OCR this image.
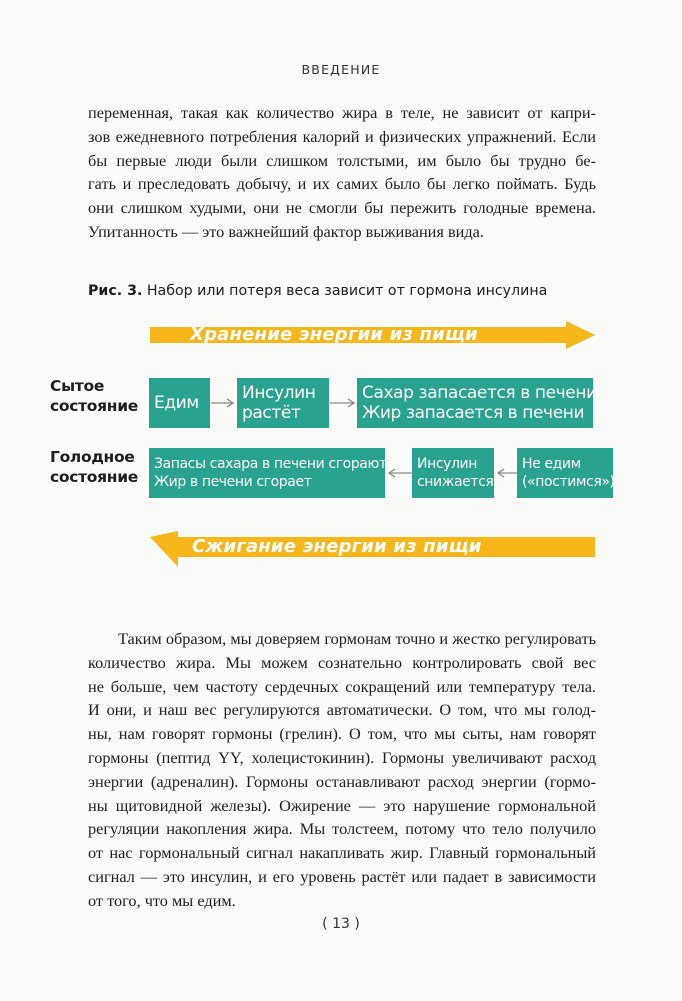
ВВЕДЕНИЕ
переменная, такая как количество жира в теле, не зависит от капри-
зов ежедневного потребления калорий и физических упражнений. Если
бы первые люди были слишком толстыми, им было бы трудно бе-
гать и преследовать добычу, и их самих было бы легко поймать. Будь
они слишком худыми, они не смогли бы пережить голодные времена.
Упитанность — это важнейший фактор выживания вида.
Рис. 3. Набор или потеря веса зависит от гормона инсулина
Хранение энергии из пищи
Сытое
состояние Едим	Инсулин
растёт
Сахар запасается в печени
Жир запасается в печени
Голодное
состояние
Запасы сахара в печени сгорают.
Жир в печени сгорает
Инсулин
снижается
Не едим
(«постимся»)
Сжигание энергии из пищи
Таким образом, мы доверяем гормонам точно и жестко регулировать
количество жира. Мы можем сознательно контролировать свой вес
не больше, чем частоту сердечных сокращений или температуру тела.
И они, и наш вес регулируются автоматически. О том, что мы голод-
ны, нам говорят гормоны (грелин). О том, что мы сыты, нам говорят
гормоны (пептид YY, холецистокинин). Гормоны увеличивают расход
энергии (адреналин). Гормоны останавливают расход энергии (гормо-
ны щитовидной железы). Ожирение — это нарушение гормональной
регуляции накопления жира. Мы толстеем, потому что тело получило
от нас гормональный сигнал накапливать жир. Главный гормональный
сигнал — это инсулин, и его уровень растёт или падает в зависимости
от того, что мы едим.
( 13 )
